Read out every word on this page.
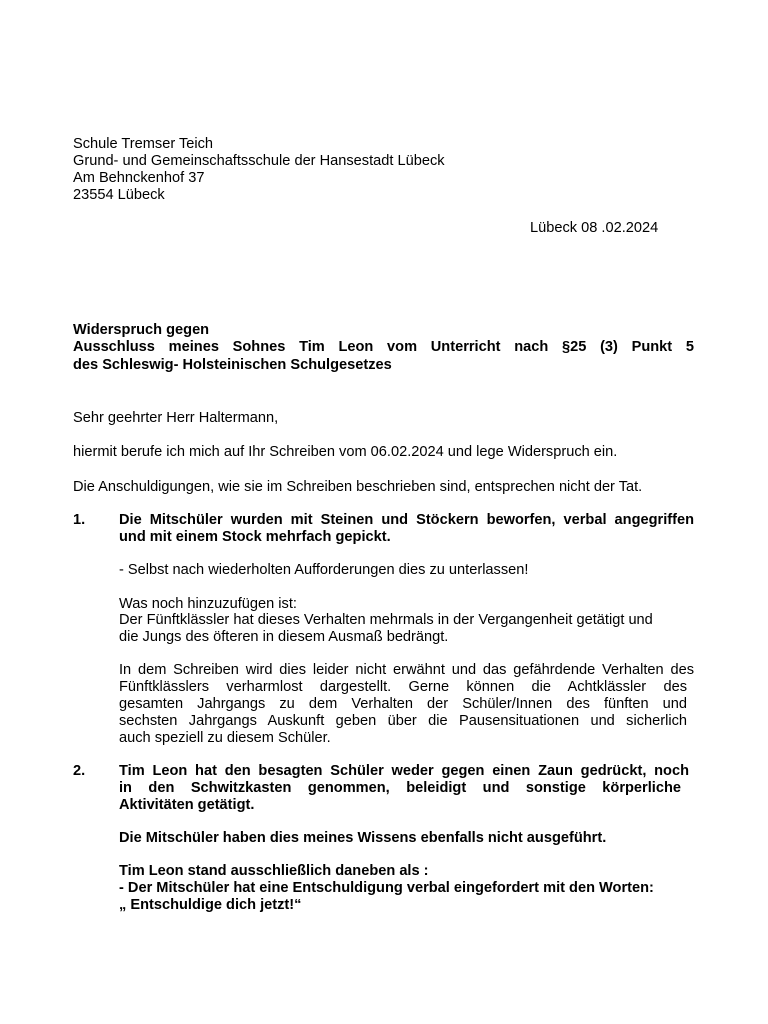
Schule Tremser Teich
Grund- und Gemeinschaftsschule der Hansestadt Lübeck
Am Behnckenhof 37
23554 Lübeck
Lübeck 08 .02.2024
Widerspruch gegen
Ausschluss meines Sohnes Tim Leon vom Unterricht nach §25 (3) Punkt 5
des Schleswig- Holsteinischen Schulgesetzes
Sehr geehrter Herr Haltermann,
hiermit berufe ich mich auf Ihr Schreiben vom 06.02.2024 und lege Widerspruch ein.
Die Anschuldigungen, wie sie im Schreiben beschrieben sind, entsprechen nicht der Tat.
1. Die Mitschüler wurden mit Steinen und Stöckern beworfen, verbal angegriffen
und mit einem Stock mehrfach gepickt.
- Selbst nach wiederholten Aufforderungen dies zu unterlassen!
Was noch hinzuzufügen ist:
Der Fünftklässler hat dieses Verhalten mehrmals in der Vergangenheit getätigt und
die Jungs des öfteren in diesem Ausmaß bedrängt.
In dem Schreiben wird dies leider nicht erwähnt und das gefährdende Verhalten des
Fünftklässlers verharmlost dargestellt. Gerne können die Achtklässler des
gesamten Jahrgangs zu dem Verhalten der Schüler/Innen des fünften und
sechsten Jahrgangs Auskunft geben über die Pausensituationen und sicherlich
auch speziell zu diesem Schüler.
2. Tim Leon hat den besagten Schüler weder gegen einen Zaun gedrückt, noch
in den Schwitzkasten genommen, beleidigt und sonstige körperliche
Aktivitäten getätigt.
Die Mitschüler haben dies meines Wissens ebenfalls nicht ausgeführt.
Tim Leon stand ausschließlich daneben als :
- Der Mitschüler hat eine Entschuldigung verbal eingefordert mit den Worten:
„ Entschuldige dich jetzt!“
